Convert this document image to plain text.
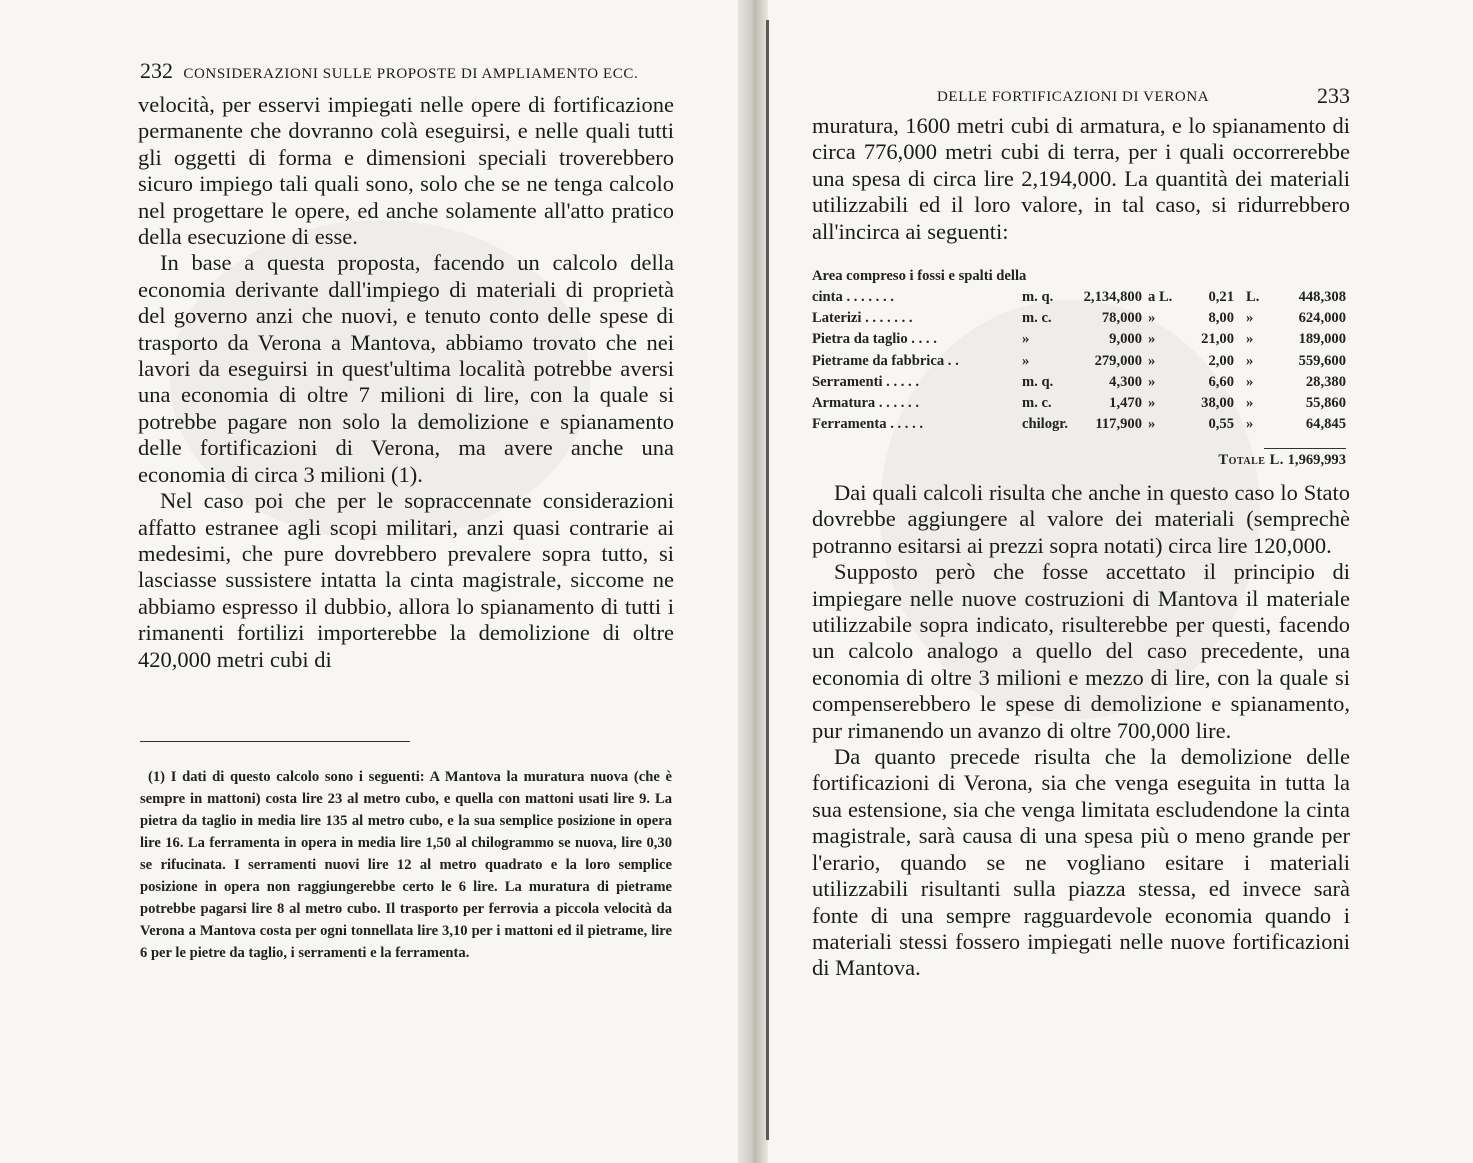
232 CONSIDERAZIONI SULLE PROPOSTE DI AMPLIAMENTO ECC.

velocità, per esservi impiegati nelle opere di fortificazione permanente che dovranno colà eseguirsi, e nelle quali tutti gli oggetti di forma e dimensioni speciali troverebbero sicuro impiego tali quali sono, solo che se ne tenga calcolo nel progettare le opere, ed anche solamente all'atto pratico della esecuzione di esse.

In base a questa proposta, facendo un calcolo della economia derivante dall'impiego di materiali di proprietà del governo anzi che nuovi, e tenuto conto delle spese di trasporto da Verona a Mantova, abbiamo trovato che nei lavori da eseguirsi in quest'ultima località potrebbe aversi una economia di oltre 7 milioni di lire, con la quale si potrebbe pagare non solo la demolizione e spianamento delle fortificazioni di Verona, ma avere anche una economia di circa 3 milioni (1).

Nel caso poi che per le sopraccennate considerazioni affatto estranee agli scopi militari, anzi quasi contrarie ai medesimi, che pure dovrebbero prevalere sopra tutto, si lasciasse sussistere intatta la cinta magistrale, siccome ne abbiamo espresso il dubbio, allora lo spianamento di tutti i rimanenti fortilizi importerebbe la demolizione di oltre 420,000 metri cubi di

(1) I dati di questo calcolo sono i seguenti: A Mantova la muratura nuova (che è sempre in mattoni) costa lire 23 al metro cubo, e quella con mattoni usati lire 9. La pietra da taglio in media lire 135 al metro cubo, e la sua semplice posizione in opera lire 16. La ferramenta in opera in media lire 1,50 al chilogrammo se nuova, lire 0,30 se rifucinata. I serramenti nuovi lire 12 al metro quadrato e la loro semplice posizione in opera non raggiungerebbe certo le 6 lire. La muratura di pietrame potrebbe pagarsi lire 8 al metro cubo. Il trasporto per ferrovia a piccola velocità da Verona a Mantova costa per ogni tonnellata lire 3,10 per i mattoni ed il pietrame, lire 6 per le pietre da taglio, i serramenti e la ferramenta.
DELLE FORTIFICAZIONI DI VERONA	233

muratura, 1600 metri cubi di armatura, e lo spianamento di circa 776,000 metri cubi di terra, per i quali occorrerebbe una spesa di circa lire 2,194,000. La quantità dei materiali utilizzabili ed il loro valore, in tal caso, si ridurrebbero all'incirca ai seguenti:

Area compreso i fossi e spalti della
cinta . . . . . . .	m. q.	2,134,800 a L.	0,21 L.	448,308
Laterizi . . . . . . .	m. c.	78,000 »	8,00 »	624,000
Pietra da taglio . . . .	»	9,000 »	21,00 »	189,000
Pietrame da fabbrica . .	»	279,000 »	2,00 »	559,600
Serramenti . . . . .	m. q.	4,300 »	6,60 »	28,380
Armatura . . . . . .	m. c.	1,470 »	38,00 »	55,860
Ferramenta . . . . .	chilogr.	117,900 »	0,55 »	64,845
Totale L. 1,969,993

Dai quali calcoli risulta che anche in questo caso lo Stato dovrebbe aggiungere al valore dei materiali (semprechè potranno esitarsi ai prezzi sopra notati) circa lire 120,000.

Supposto però che fosse accettato il principio di impiegare nelle nuove costruzioni di Mantova il materiale utilizzabile sopra indicato, risulterebbe per questi, facendo un calcolo analogo a quello del caso precedente, una economia di oltre 3 milioni e mezzo di lire, con la quale si compenserebbero le spese di demolizione e spianamento, pur rimanendo un avanzo di oltre 700,000 lire.

Da quanto precede risulta che la demolizione delle fortificazioni di Verona, sia che venga eseguita in tutta la sua estensione, sia che venga limitata escludendone la cinta magistrale, sarà causa di una spesa più o meno grande per l'erario, quando se ne vogliano esitare i materiali utilizzabili risultanti sulla piazza stessa, ed invece sarà fonte di una sempre ragguardevole economia quando i materiali stessi fossero impiegati nelle nuove fortificazioni di Mantova.
